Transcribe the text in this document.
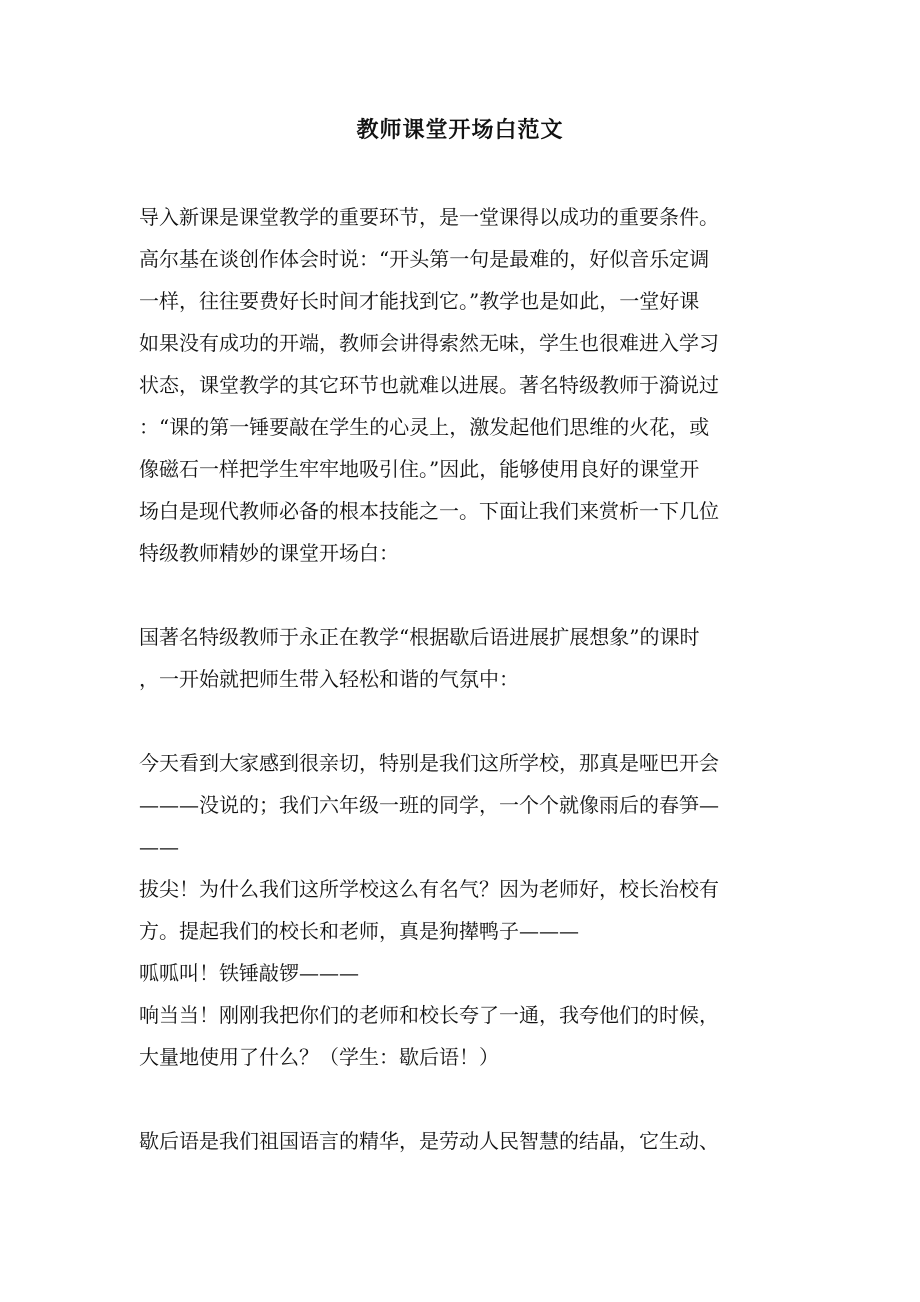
教师课堂开场白范文
导入新课是课堂教学的重要环节，是一堂课得以成功的重要条件。
高尔基在谈创作体会时说：“开头第一句是最难的，好似音乐定调
一样，往往要费好长时间才能找到它。”教学也是如此，一堂好课
如果没有成功的开端，教师会讲得索然无味，学生也很难进入学习
状态，课堂教学的其它环节也就难以进展。著名特级教师于漪说过
：“课的第一锤要敲在学生的心灵上，激发起他们思维的火花，或
像磁石一样把学生牢牢地吸引住。”因此，能够使用良好的课堂开
场白是现代教师必备的根本技能之一。下面让我们来赏析一下几位
特级教师精妙的课堂开场白：
国著名特级教师于永正在教学“根据歇后语进展扩展想象”的课时
，一开始就把师生带入轻松和谐的气氛中：
今天看到大家感到很亲切，特别是我们这所学校，那真是哑巴开会
———没说的；我们六年级一班的同学，一个个就像雨后的春笋—
——
拔尖！为什么我们这所学校这么有名气？因为老师好，校长治校有
方。提起我们的校长和老师，真是狗撵鸭子———
呱呱叫！铁锤敲锣———
响当当！刚刚我把你们的老师和校长夸了一通，我夸他们的时候，
大量地使用了什么？（学生：歇后语！）
歇后语是我们祖国语言的精华，是劳动人民智慧的结晶，它生动、
